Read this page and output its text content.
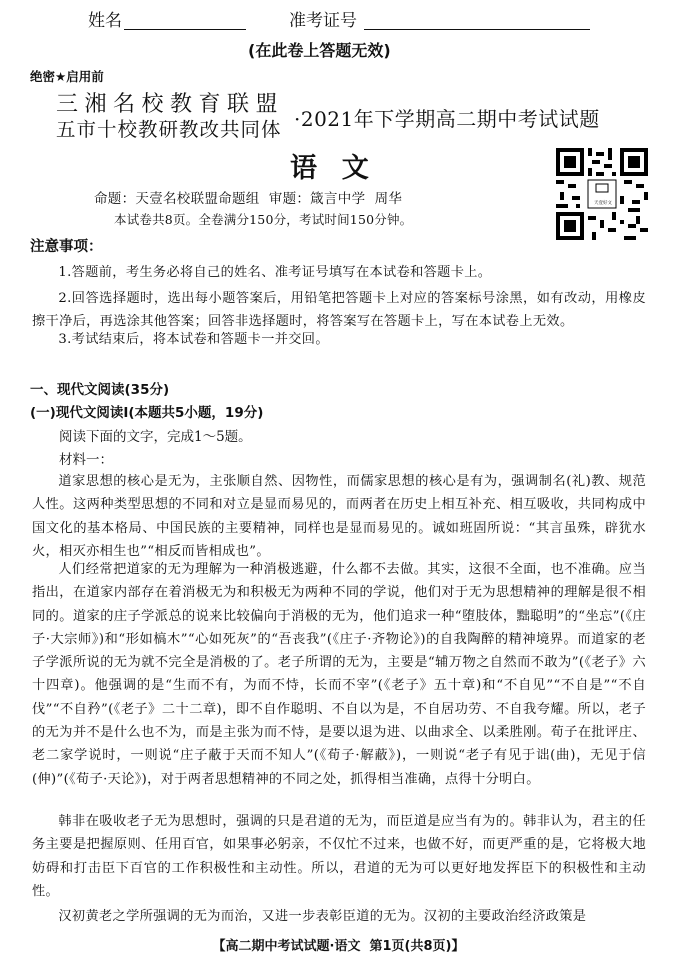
姓名	准考证号
(在此卷上答题无效)
绝密★启用前
三湘名校教育联盟
五市十校教研教改共同体 ·2021年下学期高二期中考试试题
语  文
命题：天壹名校联盟命题组  审题：箴言中学  周华
本试卷共8页。全卷满分150分，考试时间150分钟。
天壹好文
注意事项：
1.答题前，考生务必将自己的姓名、准考证号填写在本试卷和答题卡上。
2.回答选择题时，选出每小题答案后，用铅笔把答题卡上对应的答案标号涂黑，如有改动，用橡皮擦干净后，再选涂其他答案；回答非选择题时，将答案写在答题卡上，写在本试卷上无效。
3.考试结束后，将本试卷和答题卡一并交回。
一、现代文阅读(35分)
(一)现代文阅读Ⅰ(本题共5小题，19分)
阅读下面的文字，完成1～5题。
材料一：
道家思想的核心是无为，主张顺自然、因物性，而儒家思想的核心是有为，强调制名(礼)教、规范人性。这两种类型思想的不同和对立是显而易见的，而两者在历史上相互补充、相互吸收，共同构成中国文化的基本格局、中国民族的主要精神，同样也是显而易见的。诚如班固所说：“其言虽殊，辟犹水火，相灭亦相生也”“相反而皆相成也”。
人们经常把道家的无为理解为一种消极逃避，什么都不去做。其实，这很不全面，也不准确。应当指出，在道家内部存在着消极无为和积极无为两种不同的学说，他们对于无为思想精神的理解是很不相同的。道家的庄子学派总的说来比较偏向于消极的无为，他们追求一种“堕肢体，黜聪明”的“坐忘”(《庄子·大宗师》)和“形如槁木”“心如死灰”的“吾丧我”(《庄子·齐物论》)的自我陶醉的精神境界。而道家的老子学派所说的无为就不完全是消极的了。老子所谓的无为，主要是“辅万物之自然而不敢为”(《老子》六十四章)。他强调的是“生而不有，为而不恃，长而不宰”(《老子》五十章)和“不自见”“不自是”“不自伐”“不自矜”(《老子》二十二章)，即不自作聪明、不自以为是，不自居功劳、不自我夸耀。所以，老子的无为并不是什么也不为，而是主张为而不恃，是要以退为进、以曲求全、以柔胜刚。荀子在批评庄、老二家学说时，一则说“庄子蔽于天而不知人”(《荀子·解蔽》)，一则说“老子有见于诎(曲)，无见于信(伸)”(《荀子·天论》)，对于两者思想精神的不同之处，抓得相当准确，点得十分明白。
韩非在吸收老子无为思想时，强调的只是君道的无为，而臣道是应当有为的。韩非认为，君主的任务主要是把握原则、任用百官，如果事必躬亲，不仅忙不过来，也做不好，而更严重的是，它将极大地妨碍和打击臣下百官的工作积极性和主动性。所以，君道的无为可以更好地发挥臣下的积极性和主动性。
汉初黄老之学所强调的无为而治，又进一步表彰臣道的无为。汉初的主要政治经济政策是
【高二期中考试试题·语文  第1页(共8页)】
